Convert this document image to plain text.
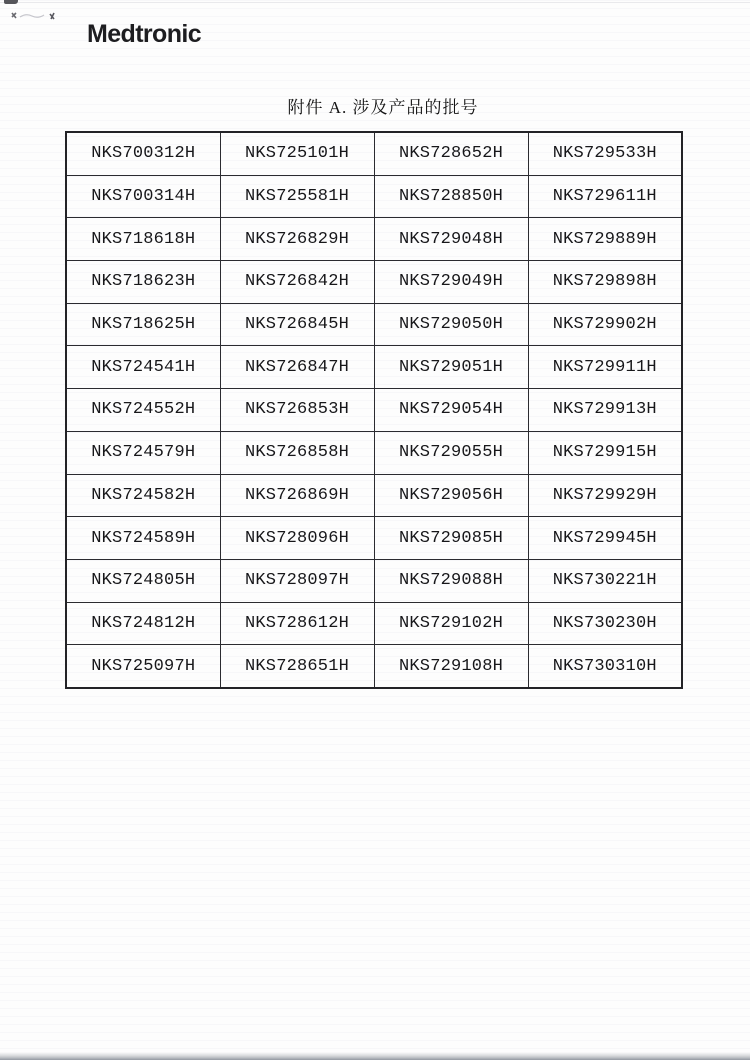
Medtronic
附件 A. 涉及产品的批号
NKS700312H	NKS725101H	NKS728652H	NKS729533H
NKS700314H	NKS725581H	NKS728850H	NKS729611H
NKS718618H	NKS726829H	NKS729048H	NKS729889H
NKS718623H	NKS726842H	NKS729049H	NKS729898H
NKS718625H	NKS726845H	NKS729050H	NKS729902H
NKS724541H	NKS726847H	NKS729051H	NKS729911H
NKS724552H	NKS726853H	NKS729054H	NKS729913H
NKS724579H	NKS726858H	NKS729055H	NKS729915H
NKS724582H	NKS726869H	NKS729056H	NKS729929H
NKS724589H	NKS728096H	NKS729085H	NKS729945H
NKS724805H	NKS728097H	NKS729088H	NKS730221H
NKS724812H	NKS728612H	NKS729102H	NKS730230H
NKS725097H	NKS728651H	NKS729108H	NKS730310H
